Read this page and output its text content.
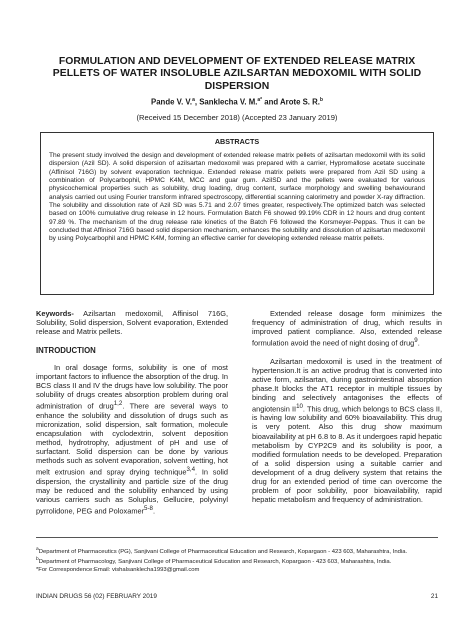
FORMULATION AND DEVELOPMENT OF EXTENDED RELEASE MATRIX PELLETS OF WATER INSOLUBLE AZILSARTAN MEDOXOMIL WITH SOLID DISPERSION
Pande V. V.$^a$, Sanklecha V. M.$^{a*}$ and Arote S. R.$^b$
(Received 15 December 2018) (Accepted 23 January 2019)
ABSTRACTS
The present study involved the design and development of extended release matrix pellets of azilsartan medoxomil with its solid dispersion (Azil SD). A solid dispersion of azilsartan medoxomil was prepared with a carrier, Hypromallose acetate succinate (Affinisol 716G) by solvent evaporation technique. Extended release matrix pellets were prepared from Azil SD using a combination of Polycarbophil, HPMC K4M, MCC and guar gum. AzilSD and the pellets were evaluated for various physicochemical properties such as solubility, drug loading, drug content, surface morphology and swelling behaviourand analysis carried out using Fourier transform infrared spectroscopy, differential scanning calorimetry and powder X-ray diffraction. The solubility and dissolution rate of Azil SD was 5.71 and 2.07 times greater, respectively.The optimized batch was selected based on 100% cumulative drug release in 12 hours. Formulation Batch F6 showed 99.19% CDR in 12 hours and drug content 97.89 %. The mechanism of the drug release rate kinetics of the Batch F6 followed the Korsmeyer-Peppas. Thus it can be concluded that Affinisol 716G based solid dispersion mechanism, enhances the solubility and dissolution of azilsartan medoxomil by using Polycarbophil and HPMC K4M, forming an effective carrier for developing extended release matrix pellets.

Keywords- Azilsartan medoxomil, Affinisol 716G, Solubility, Solid dispersion, Solvent evaporation, Extended release and Matrix pellets.

INTRODUCTION

In oral dosage forms, solubility is one of most important factors to influence the absorption of the drug. In BCS class II and IV the drugs have low solubility. The poor solubility of drugs creates absorption problem during oral administration of drug$^{1,2}$. There are several ways to enhance the solubility and dissolution of drugs such as micronization, solid dispersion, salt formation, molecule encapsulation with cyclodextrin, solvent deposition method, hydrotrophy, adjustment of pH and use of surfactant. Solid dispersion can be done by various methods such as solvent evaporation, solvent wetting, hot melt extrusion and spray drying technique$^{3,4}$. In solid dispersion, the crystallinity and particle size of the drug may be reduced and the solubility enhanced by using various carriers such as Soluplus, Gellucire, polyvinyl pyrrolidone, PEG and Poloxamer$^{5-8}$.

Extended release dosage form minimizes the frequency of administration of drug, which results in improved patient compliance. Also, extended release formulation avoid the need of night dosing of drug$^9$.

Azilsartan medoxomil is used in the treatment of hypertension.It is an active prodrug that is converted into active form, azilsartan, during gastrointestinal absorption phase.It blocks the AT1 receptor in multiple tissues by binding and selectively antagonises the effects of angiotensin II$^{10}$. This drug, which belongs to BCS class II, is having low solubility and 60% bioavailability. This drug is very potent. Also this drug show maximum bioavailability at pH 6.8 to 8. As it undergoes rapid hepatic metabolism by CYP2C9 and its solubility is poor, a modified formulation needs to be developed. Preparation of a solid dispersion using a suitable carrier and development of a drug delivery system that retains the drug for an extended period of time can overcome the problem of poor solubility, poor bioavailability, rapid hepatic metabolism and frequency of administration.

$^a$Department of Pharmaceutics (PG), Sanjivani College of Pharmaceutical Education and Research, Kopargaon - 423 603, Maharashtra, India.
$^b$Department of Pharmacology, Sanjivani College of Pharmaceutical Education and Research, Kopargaon - 423 603, Maharashtra, India.
*For Correspondence:Email: vishalsanklecha1993@gmail.com
INDIAN DRUGS 56 (02) FEBRUARY 2019	21
